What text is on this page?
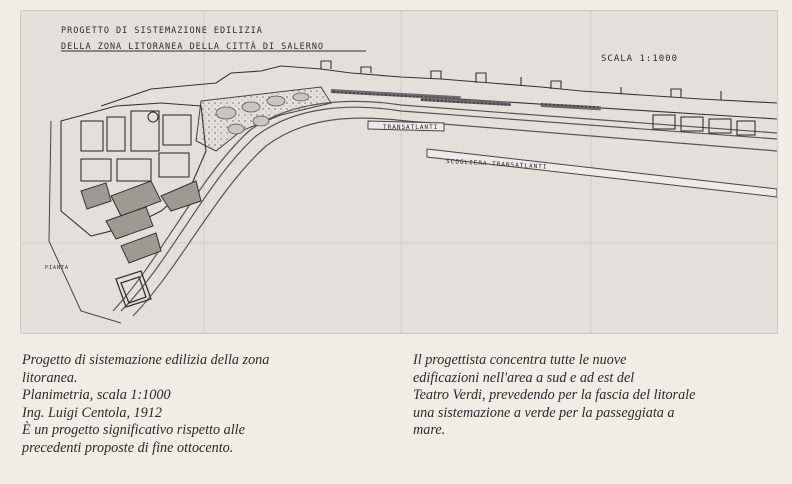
TRANSATLANTI
SCOGLIERA TRANSATLANTI
PIANTA
PROGETTO DI SISTEMAZIONE EDILIZIA
DELLA ZONA LITORANEA DELLA CITTÀ DI SALERNO
SCALA 1:1000

Progetto di sistemazione edilizia della zona

litoranea.

Planimetria, scala 1:1000

Ing. Luigi Centola, 1912

È un progetto significativo rispetto alle

precedenti proposte di fine ottocento.

Il progettista concentra tutte le nuove

edificazioni nell'area a sud e ad est del

Teatro Verdi, prevedendo per la fascia del litorale

una sistemazione a verde per la passeggiata a

mare.
